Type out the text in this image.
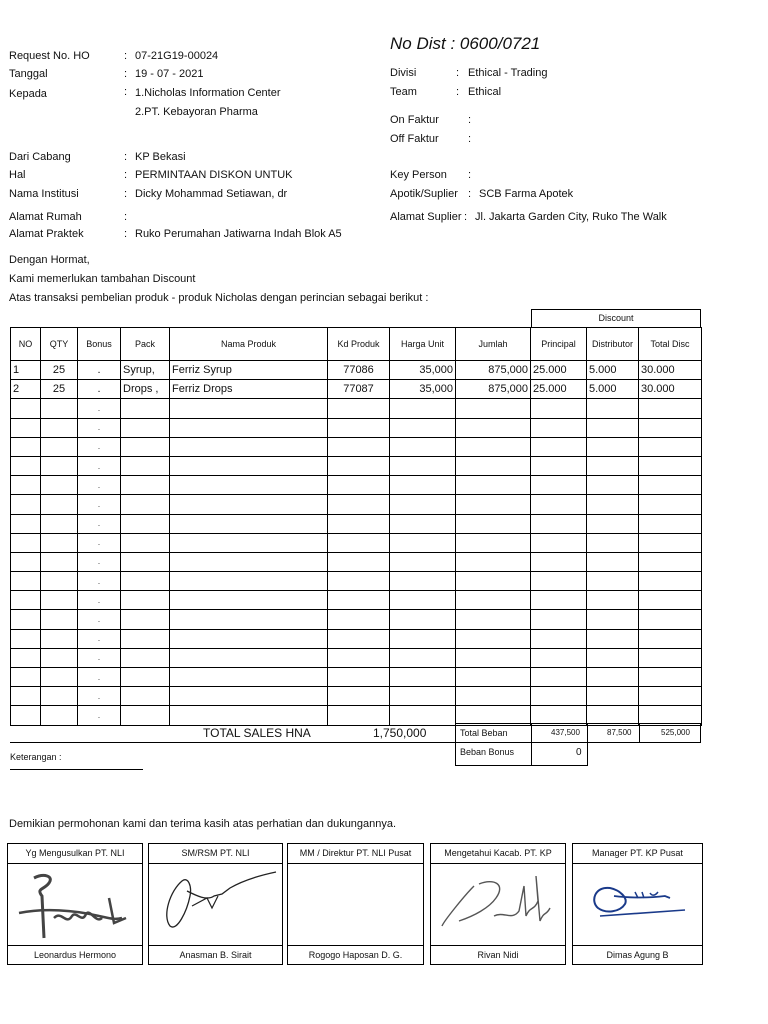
No Dist : 0600/0721
Request No. HO	: 07-21G19-00024
Tanggal	: 19 - 07 - 2021
Kepada	: 1.Nicholas Information Center
2.PT. Kebayoran Pharma
Dari Cabang	: KP Bekasi
Hal	: PERMINTAAN DISKON UNTUK
Nama Institusi	: Dicky Mohammad Setiawan, dr
Alamat Rumah	:
Alamat Praktek	: Ruko Perumahan Jatiwarna Indah Blok A5
Divisi	: Ethical - Trading
Team	: Ethical
On Faktur	:
Off Faktur	:
Key Person :
Apotik/Suplier : SCB Farma Apotek
Alamat Suplier : Jl. Jakarta Garden City, Ruko The Walk
Dengan Hormat,
Kami memerlukan tambahan Discount
Atas transaksi pembelian produk - produk Nicholas dengan perincian sebagai berikut :
Discount
NO	QTY	Bonus	Pack	Nama Produk	Kd Produk	Harga Unit	Jumlah	Principal	Distributor	Total Disc
1	25	.	Syrup,	Ferriz Syrup	77086	35,000	875,000	25.000	5.000	30.000
2	25	.	Drops ,	Ferriz Drops	77087	35,000	875,000	25.000	5.000	30.000
		.								
		.								
		.								
		.								
		.								
		.								
		.								
		.								
		.								
		.								
		.								
		.								
		.								
		.								
		.								
		.								
		.								
TOTAL SALES HNA	1,750,000	Total Beban	437,500	87,500	525,000
Beban Bonus	0
Keterangan :
Demikian permohonan kami dan terima kasih atas perhatian dan dukungannya.
Yg Mengusulkan PT. NLI
Leonardus Hermono
SM/RSM PT. NLI
Anasman B. Sirait
MM / Direktur PT. NLI Pusat
Rogogo Haposan D. G.
Mengetahui Kacab. PT. KP
Rivan Nidi
Manager PT. KP Pusat
Dimas Agung B
